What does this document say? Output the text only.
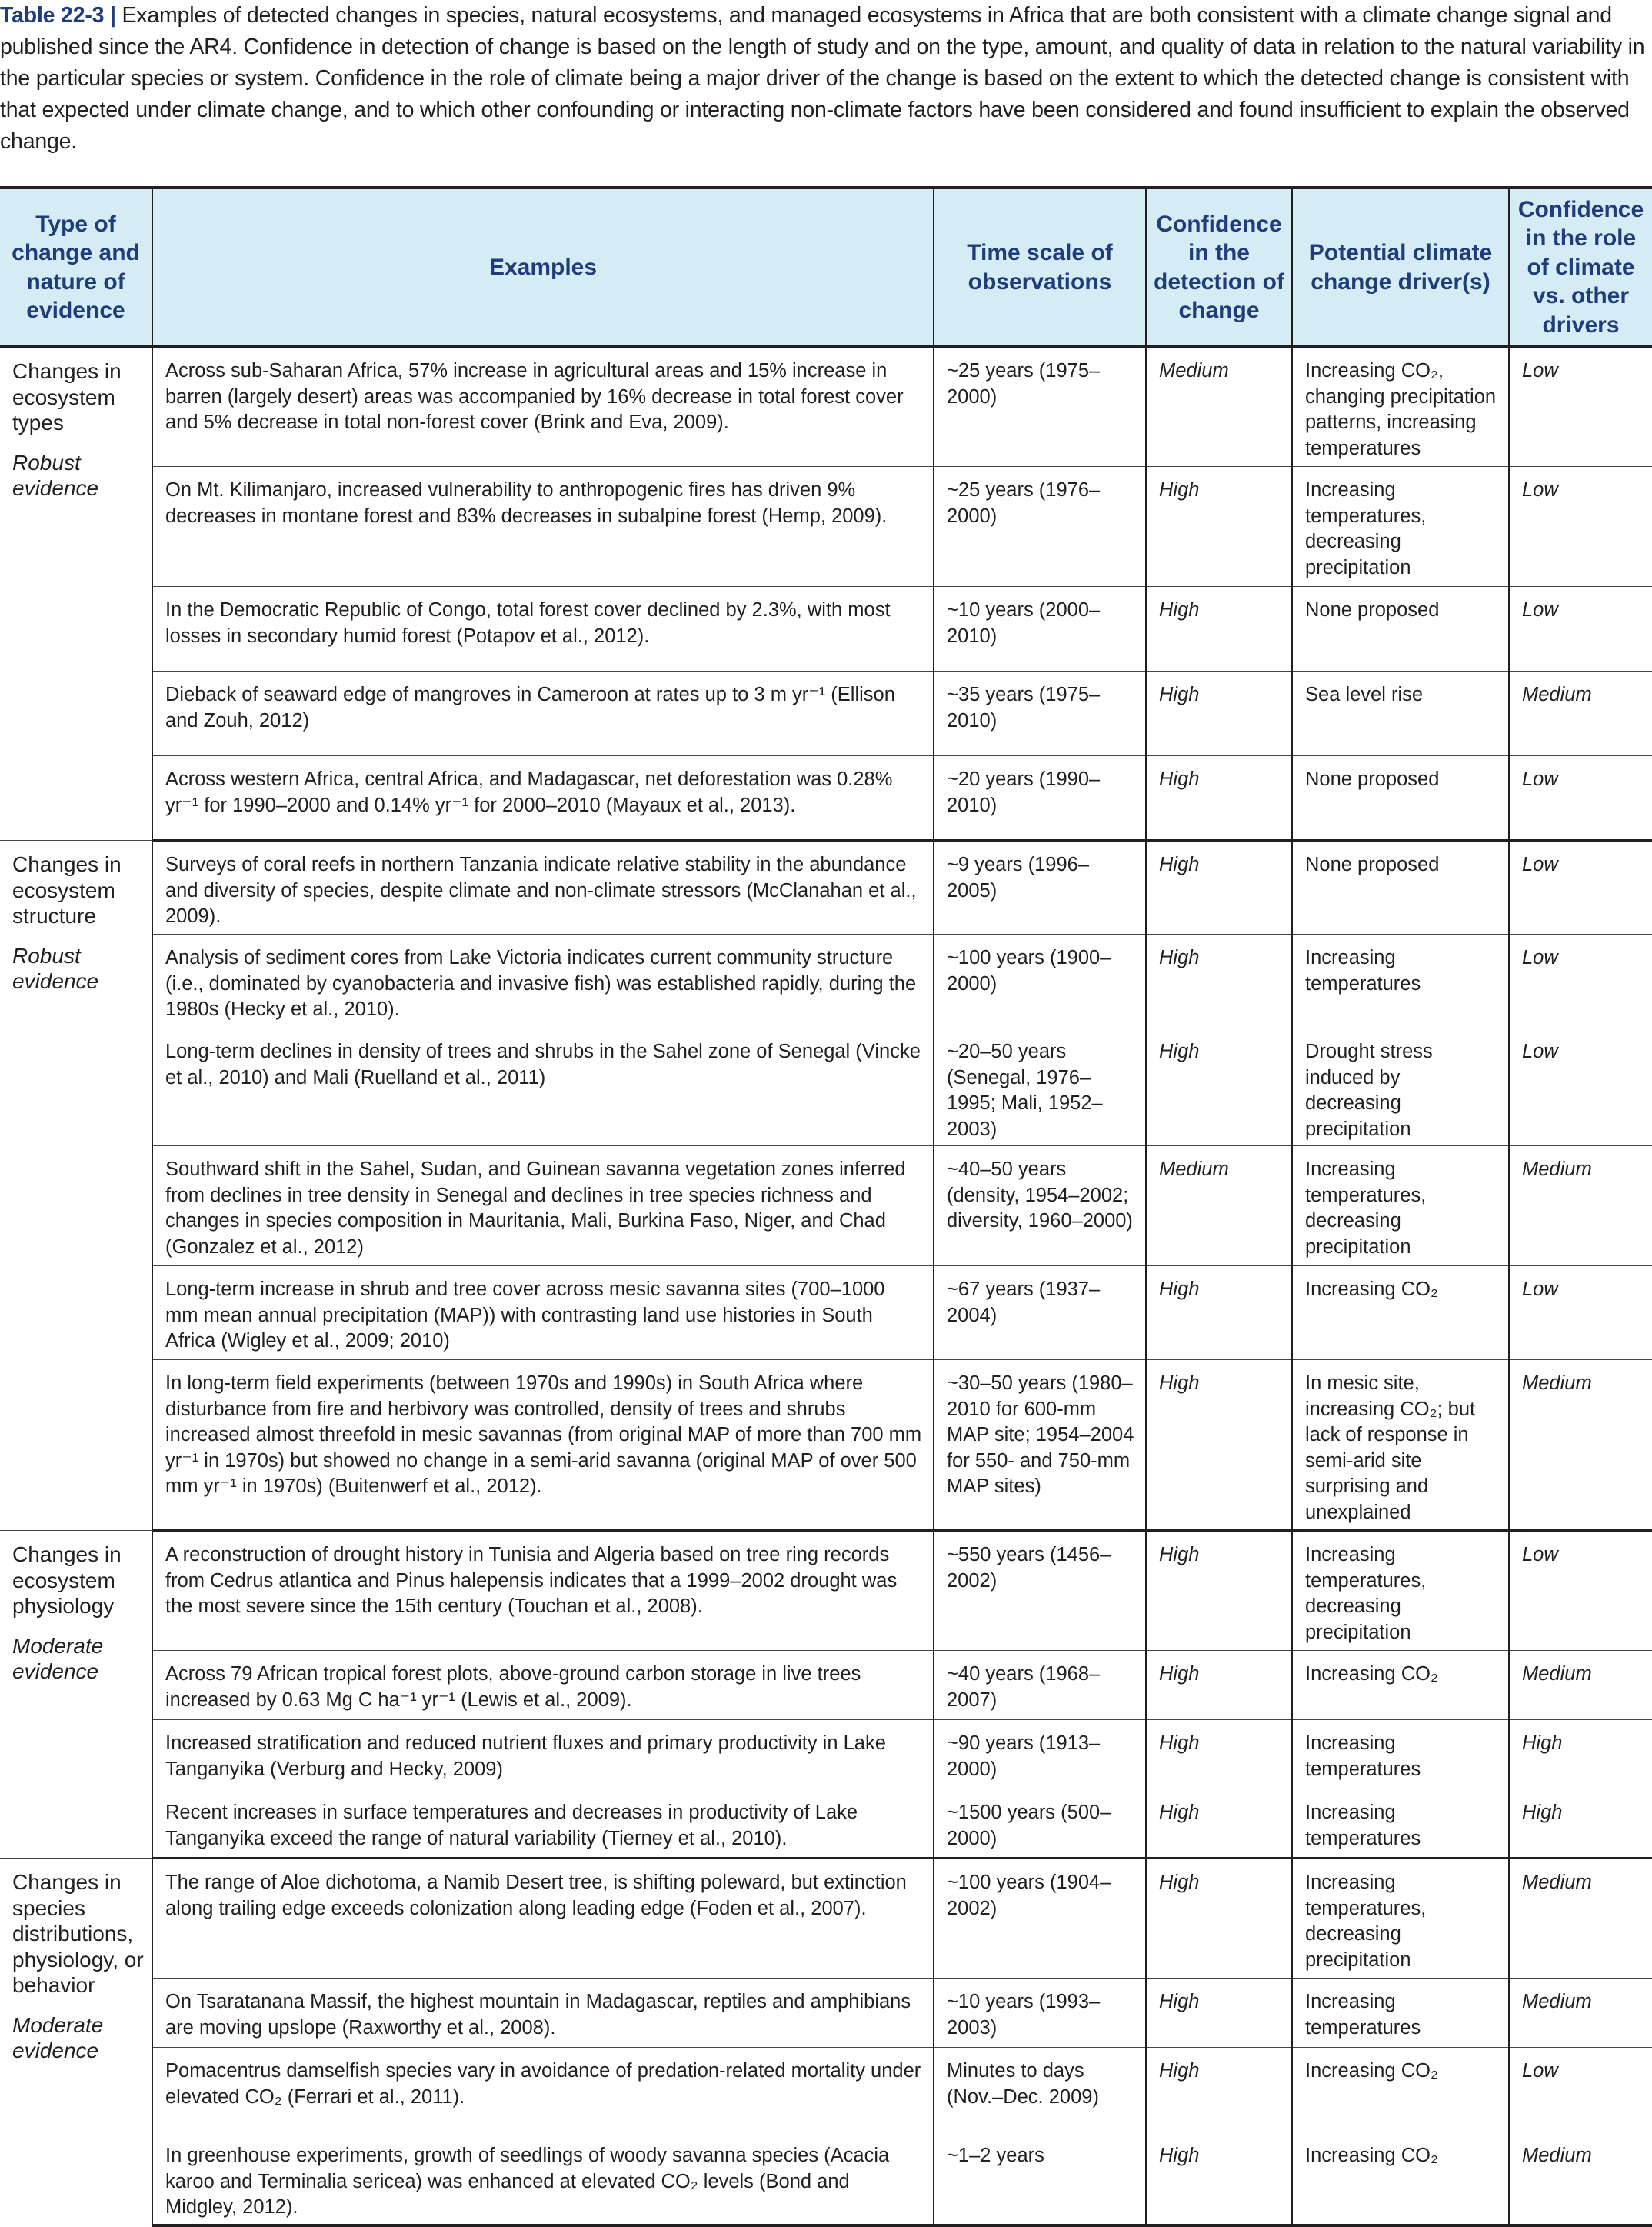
Table 22-3 | Examples of detected changes in species, natural ecosystems, and managed ecosystems in Africa that are both consistent with a climate change signal and published since the AR4. Confidence in detection of change is based on the length of study and on the type, amount, and quality of data in relation to the natural variability in the particular species or system. Confidence in the role of climate being a major driver of the change is based on the extent to which the detected change is consistent with that expected under climate change, and to which other confounding or interacting non-climate factors have been considered and found insufficient to explain the observed change.
Type of change and nature of evidence	Examples	Time scale of observations	Confidence in the detection of change	Potential climate change driver(s)	Confidence in the role of climate vs. other drivers

Changes in ecosystem types
Robust evidence	Across sub-Saharan Africa, 57% increase in agricultural areas and 15% increase in barren (largely desert) areas was accompanied by 16% decrease in total forest cover and 5% decrease in total non-forest cover (Brink and Eva, 2009).	~25 years (1975–2000)	Medium	Increasing CO₂, changing precipitation patterns, increasing temperatures	Low
	On Mt. Kilimanjaro, increased vulnerability to anthropogenic fires has driven 9% decreases in montane forest and 83% decreases in subalpine forest (Hemp, 2009).	~25 years (1976–2000)	High	Increasing temperatures, decreasing precipitation	Low
	In the Democratic Republic of Congo, total forest cover declined by 2.3%, with most losses in secondary humid forest (Potapov et al., 2012).	~10 years (2000–2010)	High	None proposed	Low
	Dieback of seaward edge of mangroves in Cameroon at rates up to 3 m yr⁻¹ (Ellison and Zouh, 2012)	~35 years (1975–2010)	High	Sea level rise	Medium
	Across western Africa, central Africa, and Madagascar, net deforestation was 0.28% yr⁻¹ for 1990–2000 and 0.14% yr⁻¹ for 2000–2010 (Mayaux et al., 2013).	~20 years (1990–2010)	High	None proposed	Low

Changes in ecosystem structure
Robust evidence	Surveys of coral reefs in northern Tanzania indicate relative stability in the abundance and diversity of species, despite climate and non-climate stressors (McClanahan et al., 2009).	~9 years (1996–2005)	High	None proposed	Low
	Analysis of sediment cores from Lake Victoria indicates current community structure (i.e., dominated by cyanobacteria and invasive fish) was established rapidly, during the 1980s (Hecky et al., 2010).	~100 years (1900–2000)	High	Increasing temperatures	Low
	Long-term declines in density of trees and shrubs in the Sahel zone of Senegal (Vincke et al., 2010) and Mali (Ruelland et al., 2011)	~20–50 years (Senegal, 1976–1995; Mali, 1952–2003)	High	Drought stress induced by decreasing precipitation	Low
	Southward shift in the Sahel, Sudan, and Guinean savanna vegetation zones inferred from declines in tree density in Senegal and declines in tree species richness and changes in species composition in Mauritania, Mali, Burkina Faso, Niger, and Chad (Gonzalez et al., 2012)	~40–50 years (density, 1954–2002; diversity, 1960–2000)	Medium	Increasing temperatures, decreasing precipitation	Medium
	Long-term increase in shrub and tree cover across mesic savanna sites (700–1000 mm mean annual precipitation (MAP)) with contrasting land use histories in South Africa (Wigley et al., 2009; 2010)	~67 years (1937–2004)	High	Increasing CO₂	Low
	In long-term field experiments (between 1970s and 1990s) in South Africa where disturbance from fire and herbivory was controlled, density of trees and shrubs increased almost threefold in mesic savannas (from original MAP of more than 700 mm yr⁻¹ in 1970s) but showed no change in a semi-arid savanna (original MAP of over 500 mm yr⁻¹ in 1970s) (Buitenwerf et al., 2012).	~30–50 years (1980–2010 for 600-mm MAP site; 1954–2004 for 550- and 750-mm MAP sites)	High	In mesic site, increasing CO₂; but lack of response in semi-arid site surprising and unexplained	Medium

Changes in ecosystem physiology
Moderate evidence	A reconstruction of drought history in Tunisia and Algeria based on tree ring records from Cedrus atlantica and Pinus halepensis indicates that a 1999–2002 drought was the most severe since the 15th century (Touchan et al., 2008).	~550 years (1456–2002)	High	Increasing temperatures, decreasing precipitation	Low
	Across 79 African tropical forest plots, above-ground carbon storage in live trees increased by 0.63 Mg C ha⁻¹ yr⁻¹ (Lewis et al., 2009).	~40 years (1968–2007)	High	Increasing CO₂	Medium
	Increased stratification and reduced nutrient fluxes and primary productivity in Lake Tanganyika (Verburg and Hecky, 2009)	~90 years (1913–2000)	High	Increasing temperatures	High
	Recent increases in surface temperatures and decreases in productivity of Lake Tanganyika exceed the range of natural variability (Tierney et al., 2010).	~1500 years (500–2000)	High	Increasing temperatures	High

Changes in species distributions, physiology, or behavior
Moderate evidence	The range of Aloe dichotoma, a Namib Desert tree, is shifting poleward, but extinction along trailing edge exceeds colonization along leading edge (Foden et al., 2007).	~100 years (1904–2002)	High	Increasing temperatures, decreasing precipitation	Medium
	On Tsaratanana Massif, the highest mountain in Madagascar, reptiles and amphibians are moving upslope (Raxworthy et al., 2008).	~10 years (1993–2003)	High	Increasing temperatures	Medium
	Pomacentrus damselfish species vary in avoidance of predation-related mortality under elevated CO₂ (Ferrari et al., 2011).	Minutes to days (Nov.–Dec. 2009)	High	Increasing CO₂	Low
	In greenhouse experiments, growth of seedlings of woody savanna species (Acacia karoo and Terminalia sericea) was enhanced at elevated CO₂ levels (Bond and Midgley, 2012).	~1–2 years	High	Increasing CO₂	Medium
